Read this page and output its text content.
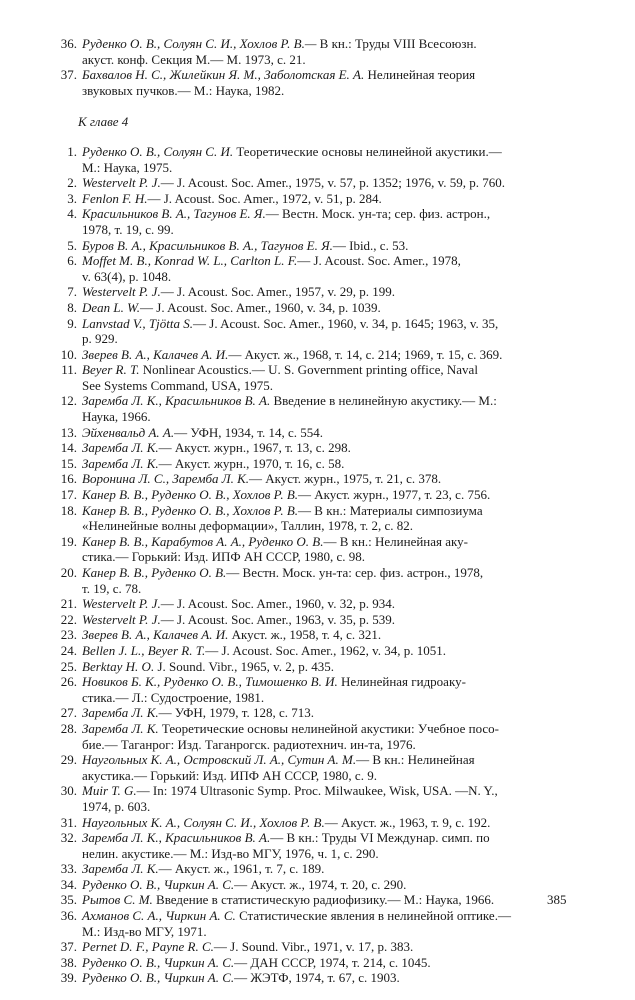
36. Руденко О. В., Солуян С. И., Хохлов Р. В.— В кн.: Труды VIII Всесоюзн.
акуст. конф. Секция М.— М. 1973, с. 21.
37. Бахвалов Н. С., Жилейкин Я. М., Заболотская Е. А. Нелинейная теория
звуковых пучков.— М.: Наука, 1982.
К главе 4
1. Руденко О. В., Солуян С. И. Теоретические основы нелинейной акустики.—
М.: Наука, 1975.
2. Westervelt P. J.— J. Acoust. Soc. Amer., 1975, v. 57, p. 1352; 1976, v. 59, p. 760.
3. Fenlon F. H.— J. Acoust. Soc. Amer., 1972, v. 51, p. 284.
4. Красильников В. А., Тагунов Е. Я.— Вестн. Моск. ун-та; сер. физ. астрон.,
1978, т. 19, с. 99.
5. Буров В. А., Красильников В. А., Тагунов Е. Я.— Ibid., с. 53.
6. Moffet M. B., Konrad W. L., Carlton L. F.— J. Acoust. Soc. Amer., 1978,
v. 63(4), p. 1048.
7. Westervelt P. J.— J. Acoust. Soc. Amer., 1957, v. 29, p. 199.
8. Dean L. W.— J. Acoust. Soc. Amer., 1960, v. 34, p. 1039.
9. Lanvstad V., Tjötta S.— J. Acoust. Soc. Amer., 1960, v. 34, p. 1645; 1963, v. 35,
p. 929.
10. Зверев В. А., Калачев А. И.— Акуст. ж., 1968, т. 14, с. 214; 1969, т. 15, с. 369.
11. Beyer R. T. Nonlinear Acoustics.— U. S. Government printing office, Naval
See Systems Command, USA, 1975.
12. Заремба Л. К., Красильников В. А. Введение в нелинейную акустику.— М.:
Наука, 1966.
13. Эйхенвальд А. А.— УФН, 1934, т. 14, с. 554.
14. Заремба Л. К.— Акуст. журн., 1967, т. 13, с. 298.
15. Заремба Л. К.— Акуст. журн., 1970, т. 16, с. 58.
16. Воронина Л. С., Заремба Л. К.— Акуст. журн., 1975, т. 21, с. 378.
17. Канер В. В., Руденко О. В., Хохлов Р. В.— Акуст. журн., 1977, т. 23, с. 756.
18. Канер В. В., Руденко О. В., Хохлов Р. В.— В кн.: Материалы симпозиума
«Нелинейные волны деформации», Таллин, 1978, т. 2, с. 82.
19. Канер В. В., Карабутов А. А., Руденко О. В.— В кн.: Нелинейная аку-
стика.— Горький: Изд. ИПФ АН СССР, 1980, с. 98.
20. Канер В. В., Руденко О. В.— Вестн. Моск. ун-та: сер. физ. астрон., 1978,
т. 19, с. 78.
21. Westervelt P. J.— J. Acoust. Soc. Amer., 1960, v. 32, p. 934.
22. Westervelt P. J.— J. Acoust. Soc. Amer., 1963, v. 35, p. 539.
23. Зверев В. А., Калачев А. И. Акуст. ж., 1958, т. 4, с. 321.
24. Bellen J. L., Beyer R. T.— J. Acoust. Soc. Amer., 1962, v. 34, p. 1051.
25. Berktay H. O. J. Sound. Vibr., 1965, v. 2, p. 435.
26. Новиков Б. К., Руденко О. В., Тимошенко В. И. Нелинейная гидроаку-
стика.— Л.: Судостроение, 1981.
27. Заремба Л. К.— УФН, 1979, т. 128, с. 713.
28. Заремба Л. К. Теоретические основы нелинейной акустики: Учебное посо-
бие.— Таганрог: Изд. Таганрогск. радиотехнич. ин-та, 1976.
29. Наугольных К. А., Островский Л. А., Сутин А. М.— В кн.: Нелинейная
акустика.— Горький: Изд. ИПФ АН СССР, 1980, с. 9.
30. Muir T. G.— In: 1974 Ultrasonic Symp. Proc. Milwaukee, Wisk, USA. —N. Y.,
1974, p. 603.
31. Наугольных К. А., Солуян С. И., Хохлов Р. В.— Акуст. ж., 1963, т. 9, с. 192.
32. Заремба Л. К., Красильников В. А.— В кн.: Труды VI Междунар. симп. по
нелин. акустике.— М.: Изд-во МГУ, 1976, ч. 1, с. 290.
33. Заремба Л. К.— Акуст. ж., 1961, т. 7, с. 189.
34. Руденко О. В., Чиркин А. С.— Акуст. ж., 1974, т. 20, с. 290.
35. Рытов С. М. Введение в статистическую радиофизику.— М.: Наука, 1966.
36. Ахманов С. А., Чиркин А. С. Статистические явления в нелинейной оптике.—
М.: Изд-во МГУ, 1971.
37. Pernet D. F., Payne R. C.— J. Sound. Vibr., 1971, v. 17, p. 383.
38. Руденко О. В., Чиркин А. С.— ДАН СССР, 1974, т. 214, с. 1045.
39. Руденко О. В., Чиркин А. С.— ЖЭТФ, 1974, т. 67, с. 1903.
385
